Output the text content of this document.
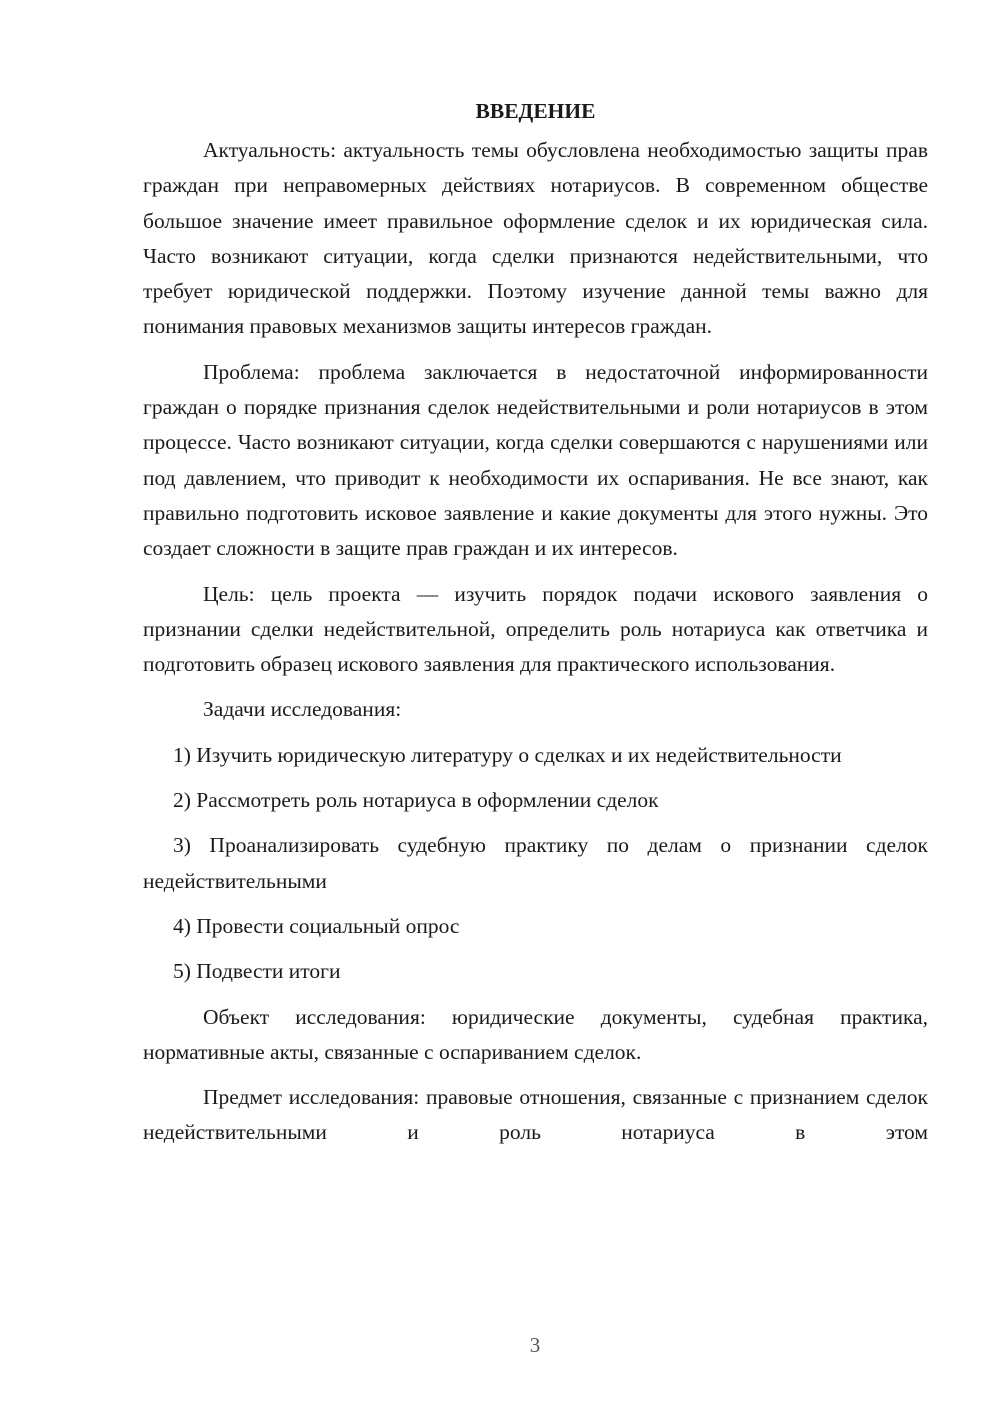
ВВЕДЕНИЕ

Актуальность: актуальность темы обусловлена необходимостью защиты прав граждан при неправомерных действиях нотариусов. В современном обществе большое значение имеет правильное оформление сделок и их юридическая сила. Часто возникают ситуации, когда сделки признаются недействительными, что требует юридической поддержки. Поэтому изучение данной темы важно для понимания правовых механизмов защиты интересов граждан.

Проблема: проблема заключается в недостаточной информированности граждан о порядке признания сделок недействительными и роли нотариусов в этом процессе. Часто возникают ситуации, когда сделки совершаются с нарушениями или под давлением, что приводит к необходимости их оспаривания. Не все знают, как правильно подготовить исковое заявление и какие документы для этого нужны. Это создает сложности в защите прав граждан и их интересов.

Цель: цель проекта — изучить порядок подачи искового заявления о признании сделки недействительной, определить роль нотариуса как ответчика и подготовить образец искового заявления для практического использования.

Задачи исследования:

1) Изучить юридическую литературу о сделках и их недействительности

2) Рассмотреть роль нотариуса в оформлении сделок

3) Проанализировать судебную практику по делам о признании сделок недействительными

4) Провести социальный опрос

5) Подвести итоги

Объект исследования: юридические документы, судебная практика, нормативные акты, связанные с оспариванием сделок.

Предмет исследования: правовые отношения, связанные с признанием сделок недействительными и роль нотариуса в этом

3
